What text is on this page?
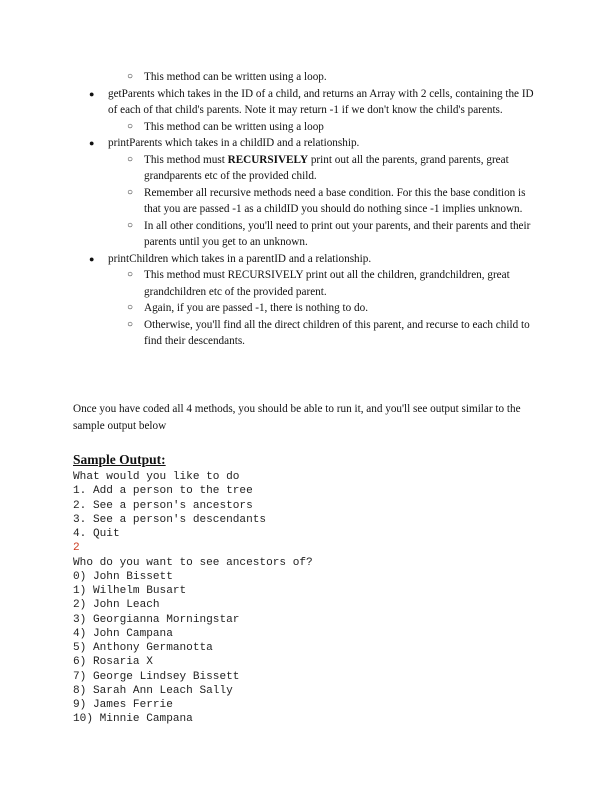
○ This method can be written using a loop.
● getParents which takes in the ID of a child, and returns an Array with 2 cells, containing the ID of each of that child's parents. Note it may return -1 if we don't know the child's parents.
○ This method can be written using a loop
● printParents which takes in a childID and a relationship.
○ This method must RECURSIVELY print out all the parents, grand parents, great grandparents etc of the provided child.
○ Remember all recursive methods need a base condition. For this the base condition is that you are passed -1 as a childID you should do nothing since -1 implies unknown.
○ In all other conditions, you'll need to print out your parents, and their parents and their parents until you get to an unknown.
● printChildren which takes in a parentID and a relationship.
○ This method must RECURSIVELY print out all the children, grandchildren, great grandchildren etc of the provided parent.
○ Again, if you are passed -1, there is nothing to do.
○ Otherwise, you'll find all the direct children of this parent, and recurse to each child to find their descendants.
Once you have coded all 4 methods, you should be able to run it, and you'll see output similar to the sample output below
Sample Output:
What would you like to do
1. Add a person to the tree
2. See a person's ancestors
3. See a person's descendants
4. Quit
2
Who do you want to see ancestors of?
0) John Bissett
1) Wilhelm Busart
2) John Leach
3) Georgianna Morningstar
4) John Campana
5) Anthony Germanotta
6) Rosaria X
7) George Lindsey Bissett
8) Sarah Ann Leach Sally
9) James Ferrie
10) Minnie Campana
